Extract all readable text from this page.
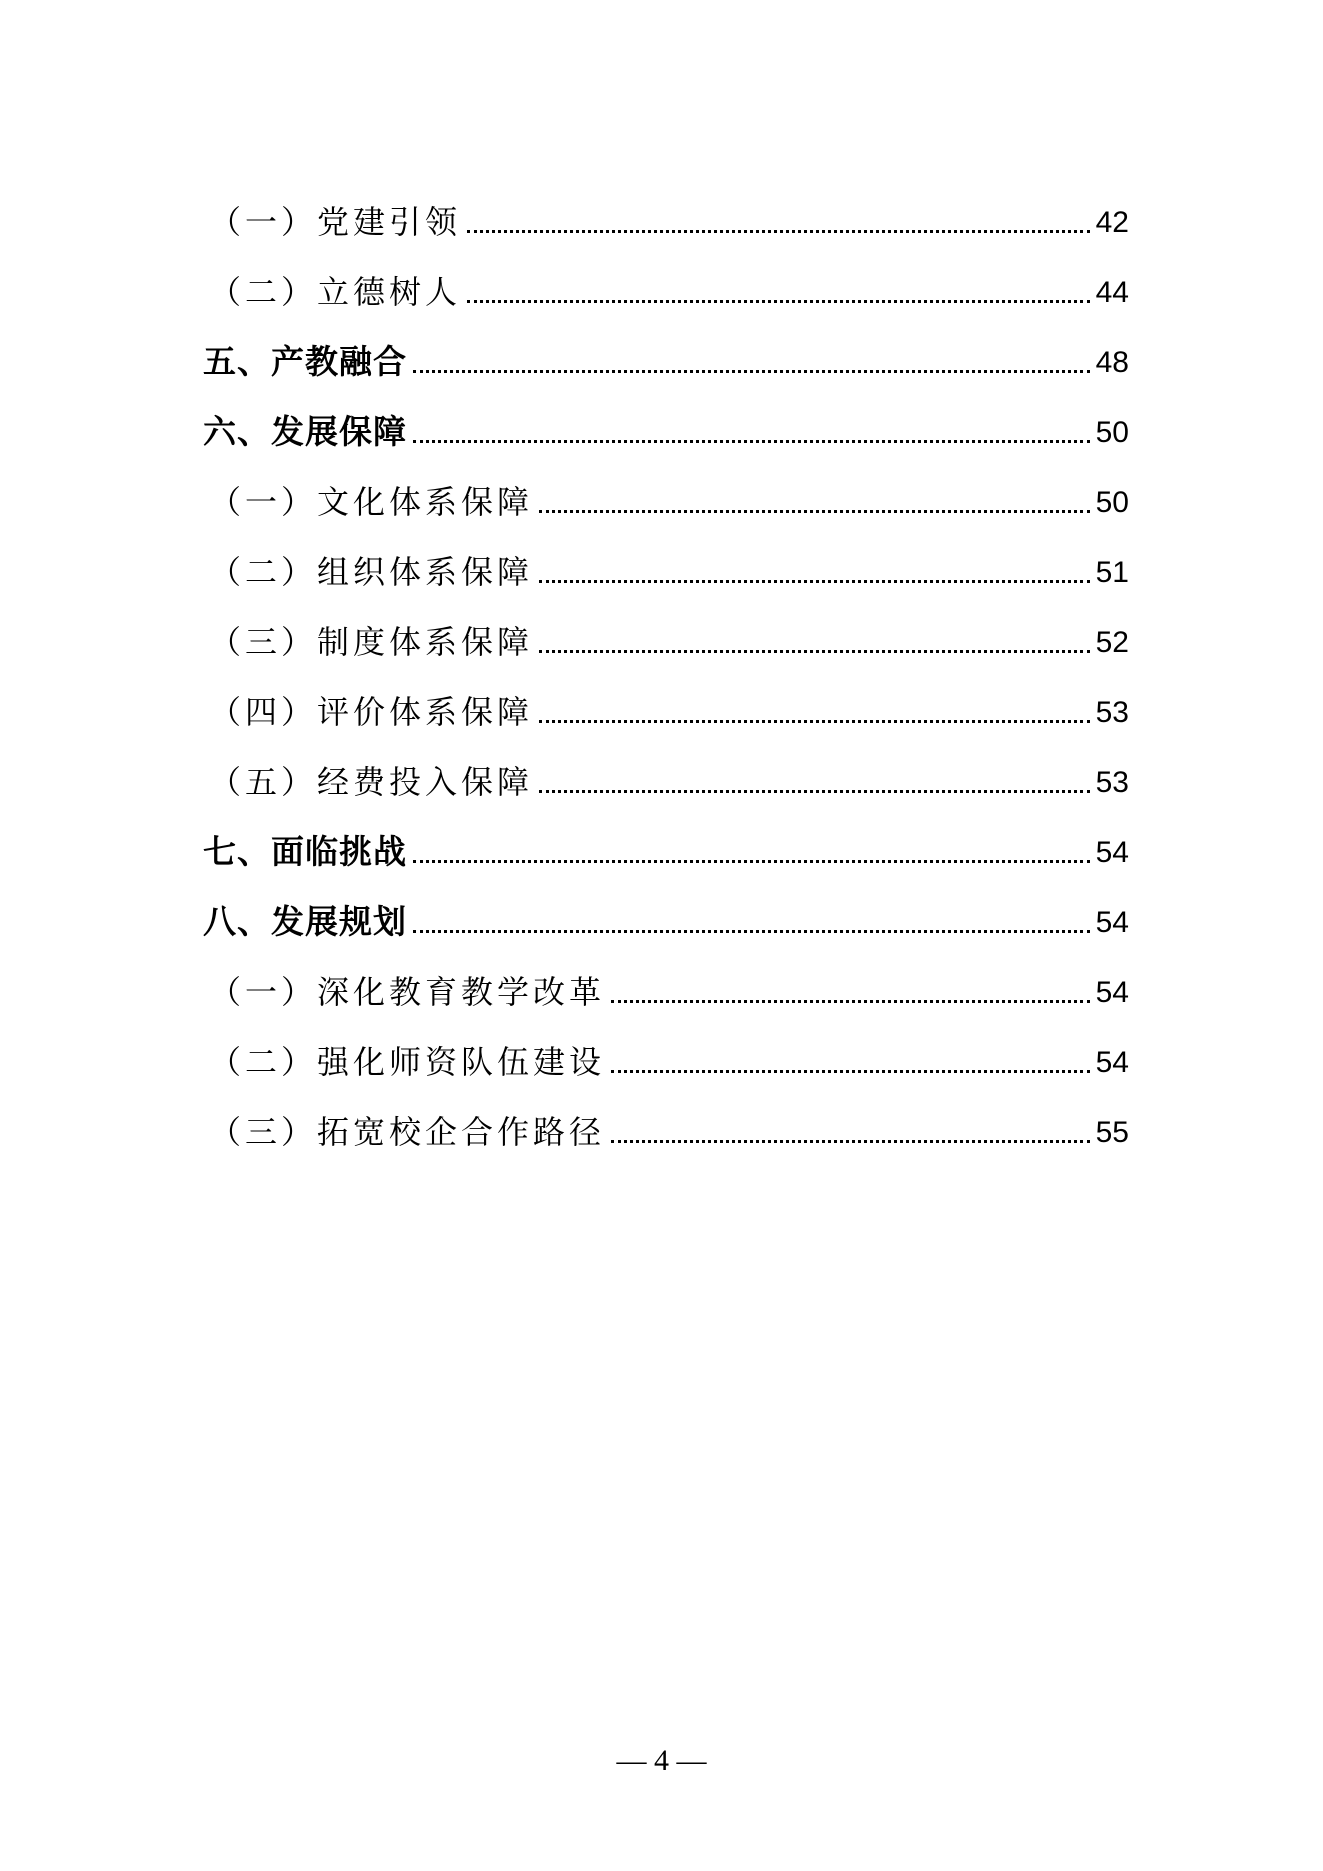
（一）党建引领	42
（二）立德树人	44
五、产教融合	48
六、发展保障	50
（一）文化体系保障	50
（二）组织体系保障	51
（三）制度体系保障	52
（四）评价体系保障	53
（五）经费投入保障	53
七、面临挑战	54
八、发展规划	54
（一）深化教育教学改革	54
（二）强化师资队伍建设	54
（三）拓宽校企合作路径	55
— 4 —
